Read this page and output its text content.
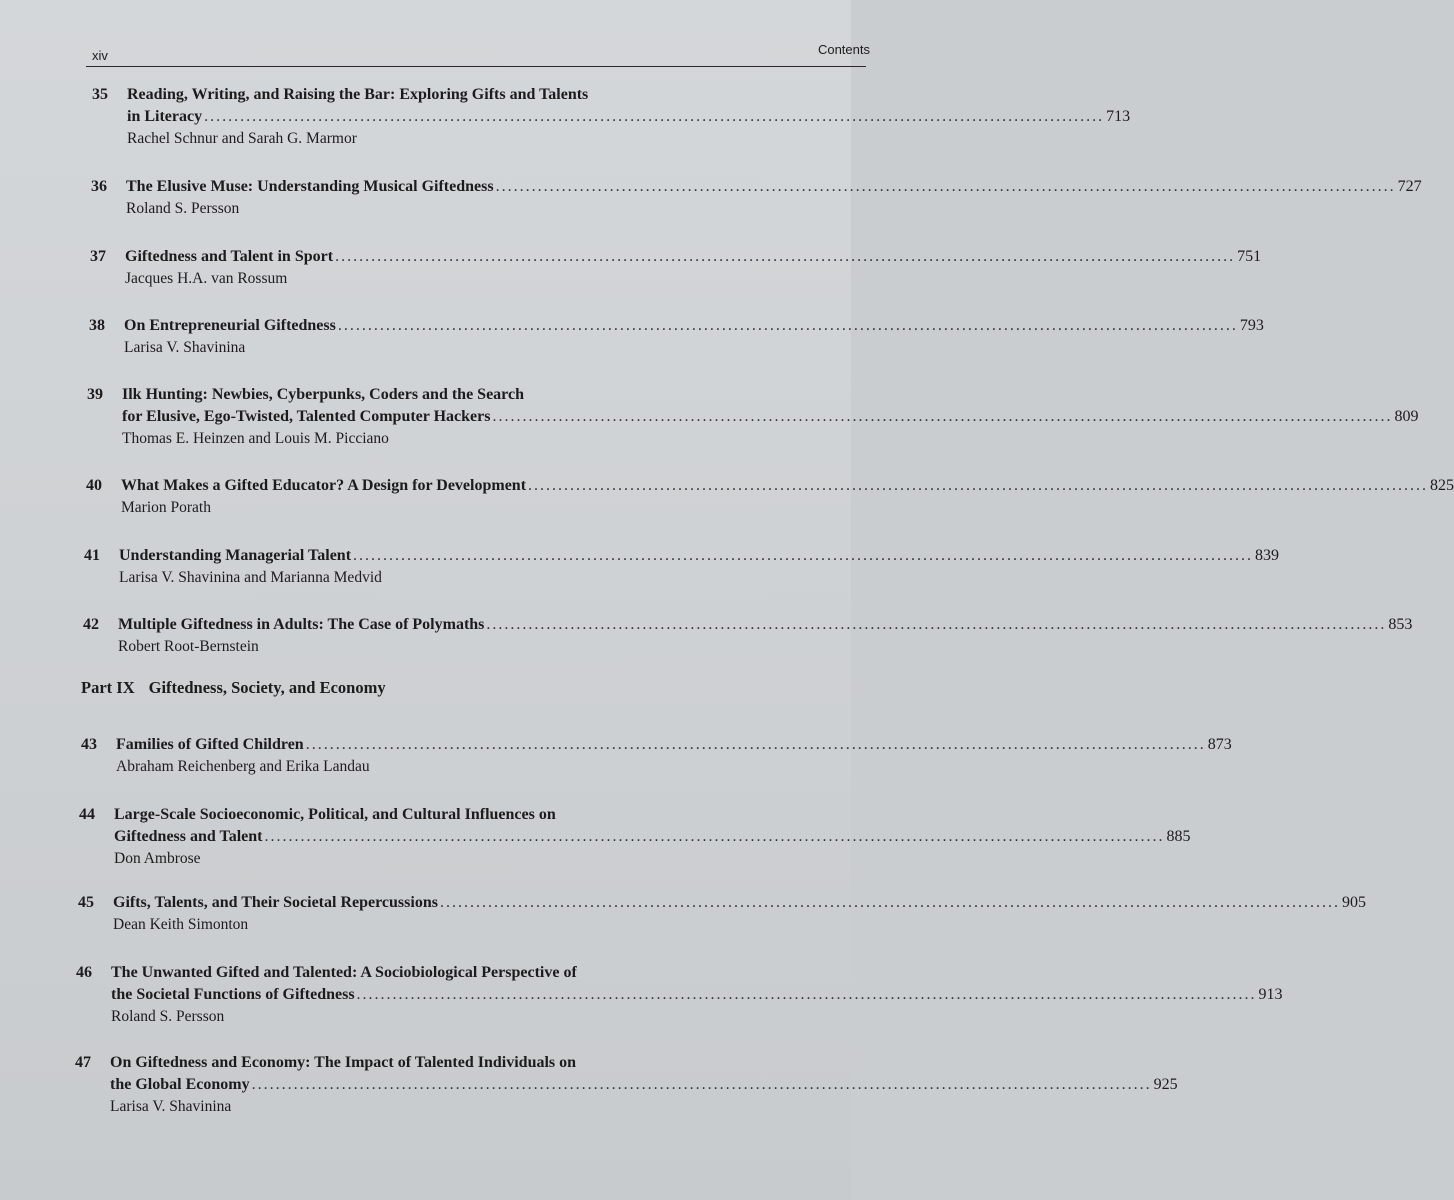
xiv	Contents
35 Reading, Writing, and Raising the Bar: Exploring Gifts and Talents
in Literacy .....	713
Rachel Schnur and Sarah G. Marmor
36 The Elusive Muse: Understanding Musical Giftedness .....	727
Roland S. Persson
37 Giftedness and Talent in Sport .....	751
Jacques H.A. van Rossum
38 On Entrepreneurial Giftedness .....	793
Larisa V. Shavinina
39 Ilk Hunting: Newbies, Cyberpunks, Coders and the Search
for Elusive, Ego-Twisted, Talented Computer Hackers .....	809
Thomas E. Heinzen and Louis M. Picciano
40 What Makes a Gifted Educator? A Design for Development .....	825
Marion Porath
41 Understanding Managerial Talent .....	839
Larisa V. Shavinina and Marianna Medvid
42 Multiple Giftedness in Adults: The Case of Polymaths .....	853
Robert Root-Bernstein
Part IX Giftedness, Society, and Economy
43 Families of Gifted Children .....	873
Abraham Reichenberg and Erika Landau
44 Large-Scale Socioeconomic, Political, and Cultural Influences on
Giftedness and Talent .....	885
Don Ambrose
45 Gifts, Talents, and Their Societal Repercussions .....	905
Dean Keith Simonton
46 The Unwanted Gifted and Talented: A Sociobiological Perspective of
the Societal Functions of Giftedness .....	913
Roland S. Persson
47 On Giftedness and Economy: The Impact of Talented Individuals on
the Global Economy .....	925
Larisa V. Shavinina
